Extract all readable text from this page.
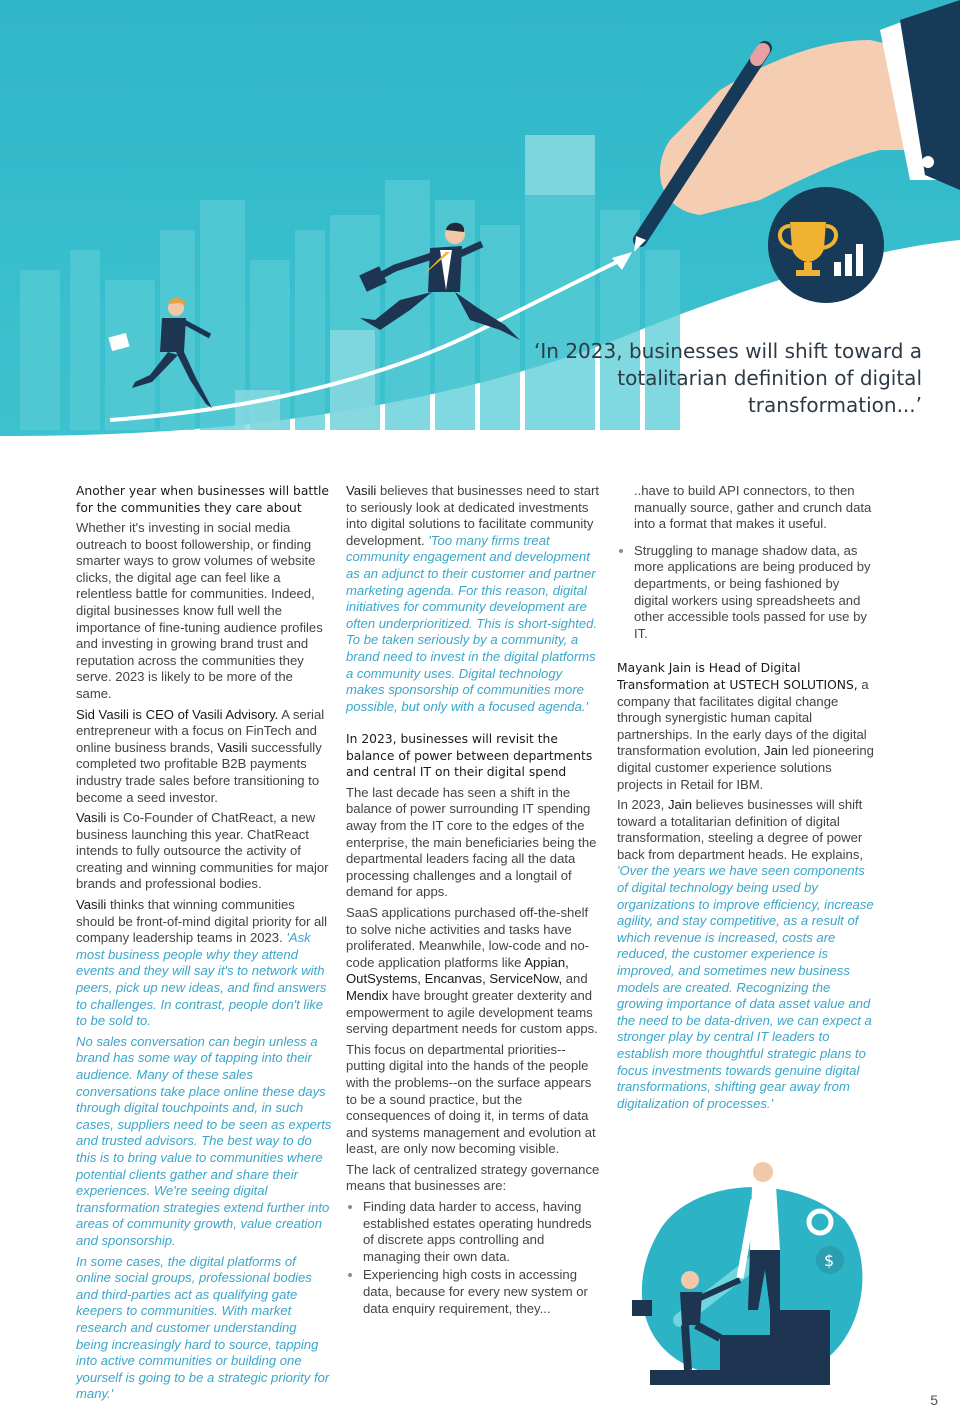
‘In 2023, businesses will shift toward a totalitarian definition of digital transformation...’

Another year when businesses will battle for the communities they care about

Whether it's investing in social media outreach to boost followership, or finding smarter ways to grow volumes of website clicks, the digital age can feel like a relentless battle for communities. Indeed, digital businesses know full well the importance of fine-tuning audience profiles and investing in growing brand trust and reputation across the communities they serve. 2023 is likely to be more of the same.

Sid Vasili is CEO of Vasili Advisory. A serial entrepreneur with a focus on FinTech and online business brands, Vasili successfully completed two profitable B2B payments industry trade sales before transitioning to become a seed investor.

Vasili is Co-Founder of ChatReact, a new business launching this year. ChatReact intends to fully outsource the activity of creating and winning communities for major brands and professional bodies.

Vasili thinks that winning communities should be front-of-mind digital priority for all company leadership teams in 2023. 'Ask most business people why they attend events and they will say it's to network with peers, pick up new ideas, and find answers to challenges. In contrast, people don't like to be sold to.

No sales conversation can begin unless a brand has some way of tapping into their audience. Many of these sales conversations take place online these days through digital touchpoints and, in such cases, suppliers need to be seen as experts and trusted advisors. The best way to do this is to bring value to communities where potential clients gather and share their experiences. We're seeing digital transformation strategies extend further into areas of community growth, value creation and sponsorship.

In some cases, the digital platforms of online social groups, professional bodies and third-parties act as qualifying gate keepers to communities. With market research and customer understanding being increasingly hard to source, tapping into active communities or building one yourself is going to be a strategic priority for many.'

Vasili believes that businesses need to start to seriously look at dedicated investments into digital solutions to facilitate community development. 'Too many firms treat community engagement and development as an adjunct to their customer and partner marketing agenda. For this reason, digital initiatives for community development are often underprioritized. This is short-sighted. To be taken seriously by a community, a brand need to invest in the digital platforms a community uses. Digital technology makes sponsorship of communities more possible, but only with a focused agenda.'

In 2023, businesses will revisit the balance of power between departments and central IT on their digital spend

The last decade has seen a shift in the balance of power surrounding IT spending away from the IT core to the edges of the enterprise, the main beneficiaries being the departmental leaders facing all the data processing challenges and a longtail of demand for apps.

SaaS applications purchased off-the-shelf to solve niche activities and tasks have proliferated. Meanwhile, low-code and no-code application platforms like Appian, OutSystems, Encanvas, ServiceNow, and Mendix have brought greater dexterity and empowerment to agile development teams serving department needs for custom apps.

This focus on departmental priorities--putting digital into the hands of the people with the problems--on the surface appears to be a sound practice, but the consequences of doing it, in terms of data and systems management and evolution at least, are only now becoming visible.

The lack of centralized strategy governance means that businesses are:

• Finding data harder to access, having established estates operating hundreds of discrete apps controlling and managing their own data.
• Experiencing high costs in accessing data, because for every new system or data enquiry requirement, they...

..have to build API connectors, to then manually source, gather and crunch data into a format that makes it useful.

• Struggling to manage shadow data, as more applications are being produced by departments, or being fashioned by digital workers using spreadsheets and other accessible tools passed for use by IT.

Mayank Jain is Head of Digital Transformation at USTECH SOLUTIONS, a company that facilitates digital change through synergistic human capital partnerships. In the early days of the digital transformation evolution, Jain led pioneering digital customer experience solutions projects in Retail for IBM.

In 2023, Jain believes businesses will shift toward a totalitarian definition of digital transformation, steeling a degree of power back from department heads. He explains, 'Over the years we have seen components of digital technology being used by organizations to improve efficiency, increase agility, and stay competitive, as a result of which revenue is increased, costs are reduced, the customer experience is improved, and sometimes new business models are created. Recognizing the growing importance of data asset value and the need to be data-driven, we can expect a stronger play by central IT leaders to establish more thoughtful strategic plans to focus investments towards genuine digital transformations, shifting gear away from digitalization of processes.'

$
5
